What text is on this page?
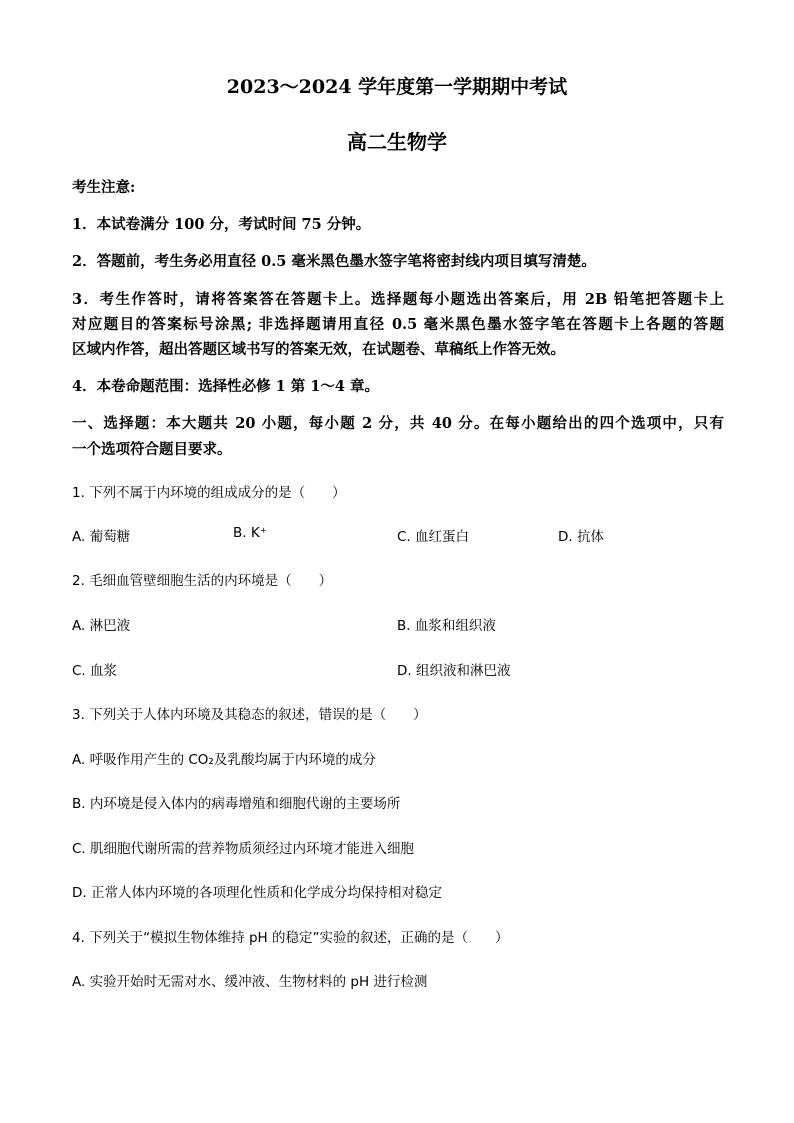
2023～2024 学年度第一学期期中考试
高二生物学
考生注意:
1．本试卷满分 100 分，考试时间 75 分钟。
2．答题前，考生务必用直径 0.5 毫米黑色墨水签字笔将密封线内项目填写清楚。
3．考生作答时，请将答案答在答题卡上。选择题每小题选出答案后，用 2B 铅笔把答题卡上
对应题目的答案标号涂黑; 非选择题请用直径 0.5 毫米黑色墨水签字笔在答题卡上各题的答题
区域内作答，超出答题区域书写的答案无效，在试题卷、草稿纸上作答无效。
4．本卷命题范围：选择性必修 1 第 1～4 章。
一、选择题：本大题共 20 小题，每小题 2 分，共 40 分。在每小题给出的四个选项中，只有
一个选项符合题目要求。
1. 下列不属于内环境的组成成分的是（　　）
A. 葡萄糖	B. K⁺	C. 血红蛋白	D. 抗体
2. 毛细血管壁细胞生活的内环境是（　　）
A. 淋巴液	B. 血浆和组织液
C. 血浆	D. 组织液和淋巴液
3. 下列关于人体内环境及其稳态的叙述，错误的是（　　）
A. 呼吸作用产生的 CO₂及乳酸均属于内环境的成分
B. 内环境是侵入体内的病毒增殖和细胞代谢的主要场所
C. 肌细胞代谢所需的营养物质须经过内环境才能进入细胞
D. 正常人体内环境的各项理化性质和化学成分均保持相对稳定
4. 下列关于“模拟生物体维持 pH 的稳定”实验的叙述，正确的是（　　）
A. 实验开始时无需对水、缓冲液、生物材料的 pH 进行检测
